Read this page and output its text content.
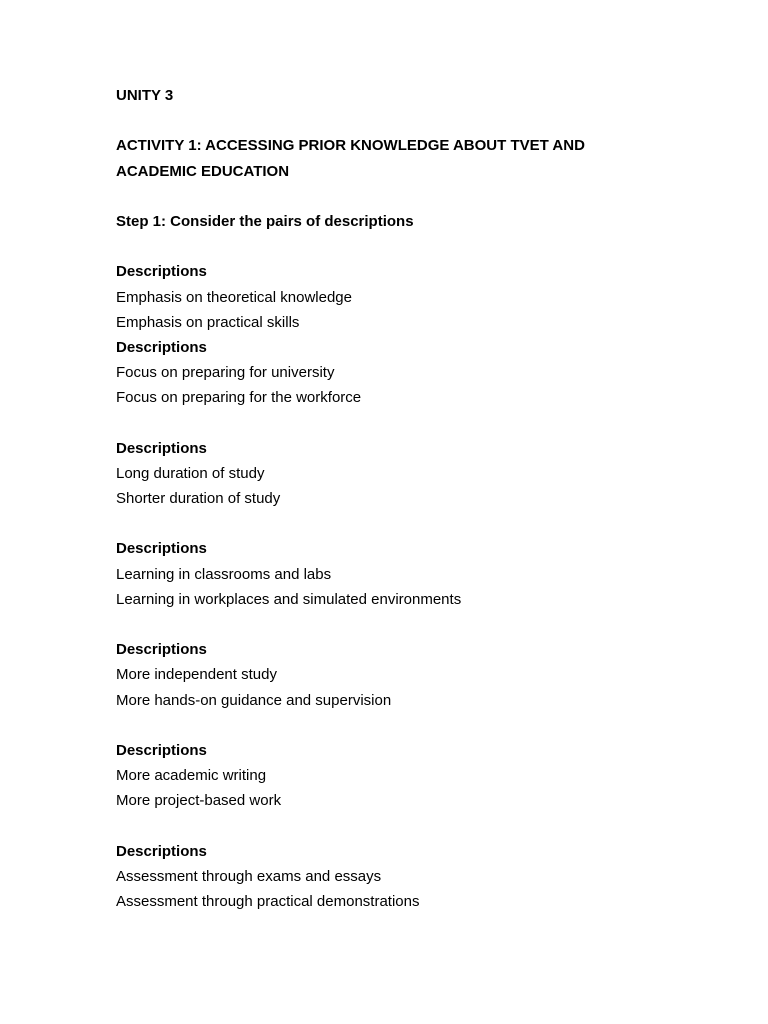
UNITY 3
ACTIVITY 1: ACCESSING PRIOR KNOWLEDGE ABOUT TVET AND
ACADEMIC EDUCATION
Step 1: Consider the pairs of descriptions
Descriptions
Emphasis on theoretical knowledge
Emphasis on practical skills
Descriptions
Focus on preparing for university
Focus on preparing for the workforce
Descriptions
Long duration of study
Shorter duration of study
Descriptions
Learning in classrooms and labs
Learning in workplaces and simulated environments
Descriptions
More independent study
More hands-on guidance and supervision
Descriptions
More academic writing
More project-based work
Descriptions
Assessment through exams and essays
Assessment through practical demonstrations
